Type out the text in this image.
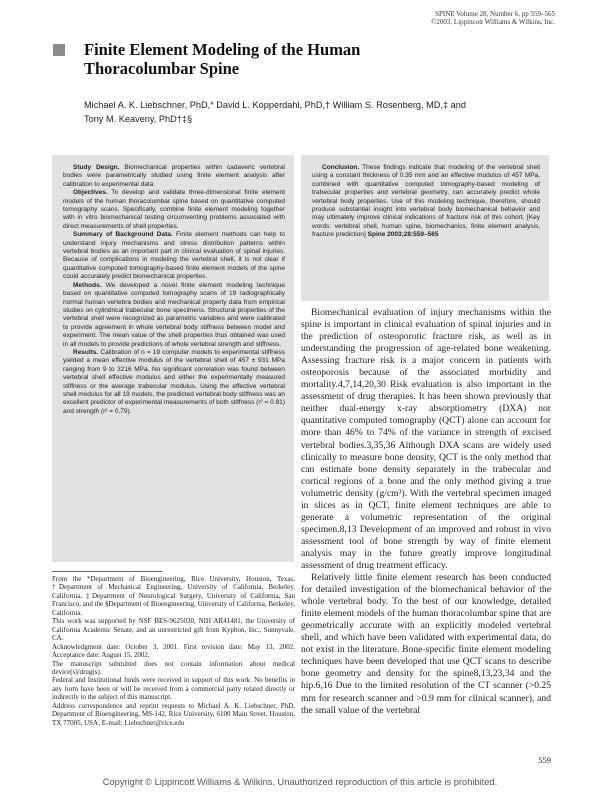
SPINE Volume 28, Number 6, pp 559–565
©2003, Lippincott Williams & Wilkins, Inc.
Finite Element Modeling of the Human
Thoracolumbar Spine
Michael A. K. Liebschner, PhD,* David L. Kopperdahl, PhD,† William S. Rosenberg, MD,‡ and
Tony M. Keaveny, PhD†‡§

Study Design. Biomechanical properties within cadaveric vertebral bodies were parametrically studied using finite element analysis after calibration to experimental data.

Objectives. To develop and validate three-dimensional finite element models of the human thoracolumbar spine based on quantitative computed tomography scans. Specifically, combine finite element modeling together with in vitro biomechanical testing circumventing problems associated with direct measurements of shell properties.

Summary of Background Data. Finite element methods can help to understand injury mechanisms and stress distribution patterns within vertebral bodies as an important part in clinical evaluation of spinal injuries. Because of complications in modeling the vertebral shell, it is not clear if quantitative computed tomography-based finite element models of the spine could accurately predict biomechanical properties.

Methods. We developed a novel finite element modeling technique based on quantitative computed tomography scans of 19 radiographically normal human vertebra bodies and mechanical property data from empirical studies on cylindrical trabecular bone specimens. Structural properties of the vertebral shell were recognized as parametric variables and were calibrated to provide agreement in whole vertebral body stiffness between model and experiment. The mean value of the shell properties thus obtained was used in all models to provide predictions of whole vertebral strength and stiffness.

Results. Calibration of n = 19 computer models to experimental stiffness yielded a mean effective modulus of the vertebral shell of 457 ± 931 MPa ranging from 9 to 3216 MPa. No significant correlation was found between vertebral shell effective modulus and either the experimentally measured stiffness or the average trabecular modulus. Using the effective vertebral shell modulus for all 19 models, the predicted vertebral body stiffness was an excellent predictor of experimental measurements of both stiffness (r² = 0.81) and strength (r² = 0.79).

Conclusion. These findings indicate that modeling of the vertebral shell using a constant thickness of 0.35 mm and an effective modulus of 457 MPa, combined with quantitative computed tomography-based modeling of trabecular properties and vertebral geometry, can accurately predict whole vertebral body properties. Use of this modeling technique, therefore, should produce substantial insight into vertebral body biomechanical behavior and may ultimately improve clinical indications of fracture risk of this cohort. [Key words: vertebral shell, human spine, biomechanics, finite element analysis, fracture prediction] Spine 2003;28:559–565

Biomechanical evaluation of injury mechanisms within the spine is important in clinical evaluation of spinal injuries and in the prediction of osteoporotic fracture risk, as well as in understanding the progression of age-related bone weakening. Assessing fracture risk is a major concern in patients with osteoporosis because of the associated morbidity and mortality.4,7,14,20,30 Risk evaluation is also important in the assessment of drug therapies. It has been shown previously that neither dual-energy x-ray absorptiometry (DXA) nor quantitative computed tomography (QCT) alone can account for more than 46% to 74% of the variance in strength of excised vertebral bodies.3,35,36 Although DXA scans are widely used clinically to measure bone density, QCT is the only method that can estimate bone density separately in the trabecular and cortical regions of a bone and the only method giving a true volumetric density (g/cm³). With the vertebral specimen imaged in slices as in QCT, finite element techniques are able to generate a volumetric representation of the original specimen.8,13 Development of an improved and robust in vivo assessment tool of bone strength by way of finite element analysis may in the future greatly improve longitudinal assessment of drug treatment efficacy.

Relatively little finite element research has been conducted for detailed investigation of the biomechanical behavior of the whole vertebral body. To the best of our knowledge, detailed finite element models of the human thoracolumbar spine that are geometrically accurate with an explicitly modeled vertebral shell, and which have been validated with experimental data, do not exist in the literature. Bone-specific finite element modeling techniques have been developed that use QCT scans to describe bone geometry and density for the spine8,13,23,34 and the hip.6,16 Due to the limited resolution of the CT scanner (>0.25 mm for research scanner and >0.9 mm for clinical scanner), and the small value of the vertebral

From the *Department of Bioengineering, Rice University, Houston, Texas, †Department of Mechanical Engineering, University of California, Berkeley, California, ‡Department of Neurological Surgery, University of California, San Francisco, and the §Department of Bioengineering, University of California, Berkeley, California.

This work was supported by NSF BES-9625030, NIH AR41481, the University of California Academic Senate, and an unrestricted gift from Kyphon, Inc., Sunnyvale, CA.

Acknowledgment date: October 3, 2001. First revision date: May 13, 2002. Acceptance date: August 15, 2002.

The manuscript submitted does not contain information about medical device(s)/drug(s).

Federal and Institutional funds were received in support of this work. No benefits in any form have been or will be received from a commercial party related directly or indirectly to the subject of this manuscript.

Address correspondence and reprint requests to Michael A. K. Liebschner, PhD, Department of Bioengineering, MS-142, Rice University, 6100 Main Street, Houston, TX 77005, USA; E-mail: Liebschner@rice.edu

559
Copyright © Lippincott Williams & Wilkins. Unauthorized reproduction of this article is prohibited.
